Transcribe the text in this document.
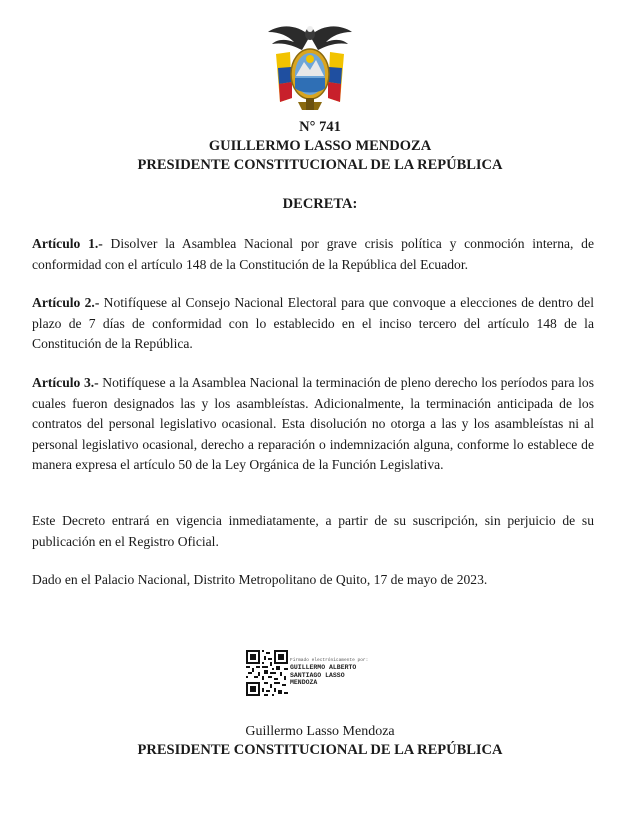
N° 741
GUILLERMO LASSO MENDOZA
PRESIDENTE CONSTITUCIONAL DE LA REPÚBLICA
DECRETA:
Artículo 1.- Disolver la Asamblea Nacional por grave crisis política y conmoción interna, de conformidad con el artículo 148 de la Constitución de la República del Ecuador.
Artículo 2.- Notifíquese al Consejo Nacional Electoral para que convoque a elecciones de dentro del plazo de 7 días de conformidad con lo establecido en el inciso tercero del artículo 148 de la Constitución de la República.
Artículo 3.- Notifíquese a la Asamblea Nacional la terminación de pleno derecho los períodos para los cuales fueron designados las y los asambleístas. Adicionalmente, la terminación anticipada de los contratos del personal legislativo ocasional. Esta disolución no otorga a las y los asambleístas ni al personal legislativo ocasional, derecho a reparación o indemnización alguna, conforme lo establece de manera expresa el artículo 50 de la Ley Orgánica de la Función Legislativa.
Este Decreto entrará en vigencia inmediatamente, a partir de su suscripción, sin perjuicio de su publicación en el Registro Oficial.
Dado en el Palacio Nacional, Distrito Metropolitano de Quito, 17 de mayo de 2023.
Firmado electrónicamente por:
GUILLERMO ALBERTO
SANTIAGO LASSO
MENDOZA
Guillermo Lasso Mendoza
PRESIDENTE CONSTITUCIONAL DE LA REPÚBLICA
